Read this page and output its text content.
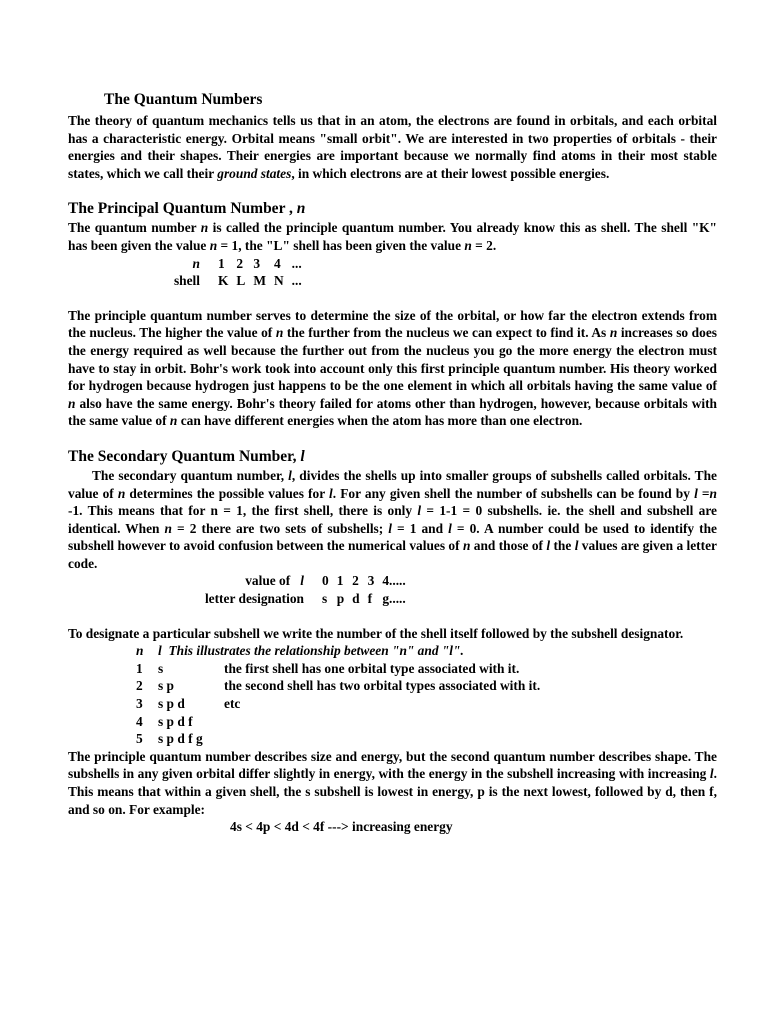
The Quantum Numbers

The theory of quantum mechanics tells us that in an atom, the electrons are found in orbitals, and each orbital has a characteristic energy. Orbital means "small orbit". We are interested in two properties of orbitals - their energies and their shapes. Their energies are important because we normally find atoms in their most stable states, which we call their ground states, in which electrons are at their lowest possible energies.

The Principal Quantum Number , n

The quantum number n is called the principle quantum number. You already know this as shell. The shell "K" has been given the value n = 1, the "L" shell has been given the value n = 2.

n	1	2	3	4	...
shell	K	L	M	N	...

The principle quantum number serves to determine the size of the orbital, or how far the electron extends from the nucleus. The higher the value of n the further from the nucleus we can expect to find it. As n increases so does the energy required as well because the further out from the nucleus you go the more energy the electron must have to stay in orbit. Bohr's work took into account only this first principle quantum number. His theory worked for hydrogen because hydrogen just happens to be the one element in which all orbitals having the same value of n also have the same energy. Bohr's theory failed for atoms other than hydrogen, however, because orbitals with the same value of n can have different energies when the atom has more than one electron.

The Secondary Quantum Number, l

The secondary quantum number, l, divides the shells up into smaller groups of subshells called orbitals. The value of n determines the possible values for l. For any given shell the number of subshells can be found by l =n -1. This means that for n = 1, the first shell, there is only l = 1-1 = 0 subshells. ie. the shell and subshell are identical. When n = 2 there are two sets of subshells; l = 1 and l = 0. A number could be used to identify the subshell however to avoid confusion between the numerical values of n and those of l the l values are given a letter code.

value of l	0	1	2	3	4.....
letter designation	s	p	d	f	g.....

To designate a particular subshell we write the number of the shell itself followed by the subshell designator.

n	l This illustrates the relationship between "n" and "l".	
1	s	the first shell has one orbital type associated with it.
2	s p	the second shell has two orbital types associated with it.
3	s p d	etc
4	s p d f	
5	s p d f g	

The principle quantum number describes size and energy, but the second quantum number describes shape. The subshells in any given orbital differ slightly in energy, with the energy in the subshell increasing with increasing l. This means that within a given shell, the s subshell is lowest in energy, p is the next lowest, followed by d, then f, and so on. For example:

4s < 4p < 4d < 4f ---> increasing energy
